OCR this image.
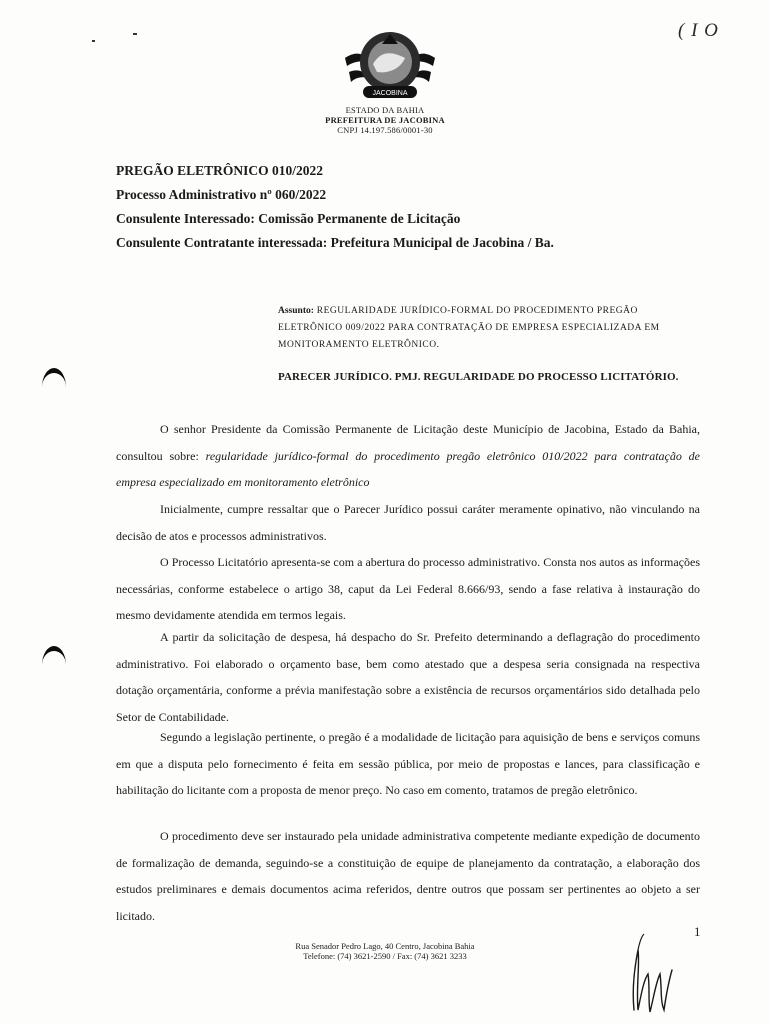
( I O
JACOBINA
ESTADO DA BAHIA
PREFEITURA DE JACOBINA
CNPJ 14.197.586/0001-30
PREGÃO ELETRÔNICO 010/2022
Processo Administrativo nº 060/2022
Consulente Interessado: Comissão Permanente de Licitação
Consulente Contratante interessada: Prefeitura Municipal de Jacobina / Ba.
Assunto: REGULARIDADE JURÍDICO-FORMAL DO PROCEDIMENTO PREGÃO ELETRÔNICO 009/2022 PARA CONTRATAÇÃO DE EMPRESA ESPECIALIZADA EM MONITORAMENTO ELETRÔNICO.
PARECER JURÍDICO. PMJ. REGULARIDADE DO PROCESSO LICITATÓRIO.
O senhor Presidente da Comissão Permanente de Licitação deste Município de Jacobina, Estado da Bahia, consultou sobre: regularidade jurídico-formal do procedimento pregão eletrônico 010/2022 para contratação de empresa especializado em monitoramento eletrônico
Inicialmente, cumpre ressaltar que o Parecer Jurídico possui caráter meramente opinativo, não vinculando na decisão de atos e processos administrativos.
O Processo Licitatório apresenta-se com a abertura do processo administrativo. Consta nos autos as informações necessárias, conforme estabelece o artigo 38, caput da Lei Federal 8.666/93, sendo a fase relativa à instauração do mesmo devidamente atendida em termos legais.
A partir da solicitação de despesa, há despacho do Sr. Prefeito determinando a deflagração do procedimento administrativo. Foi elaborado o orçamento base, bem como atestado que a despesa seria consignada na respectiva dotação orçamentária, conforme a prévia manifestação sobre a existência de recursos orçamentários sido detalhada pelo Setor de Contabilidade.
Segundo a legislação pertinente, o pregão é a modalidade de licitação para aquisição de bens e serviços comuns em que a disputa pelo fornecimento é feita em sessão pública, por meio de propostas e lances, para classificação e habilitação do licitante com a proposta de menor preço. No caso em comento, tratamos de pregão eletrônico.
O procedimento deve ser instaurado pela unidade administrativa competente mediante expedição de documento de formalização de demanda, seguindo-se a constituição de equipe de planejamento da contratação, a elaboração dos estudos preliminares e demais documentos acima referidos, dentre outros que possam ser pertinentes ao objeto a ser licitado.
Rua Senador Pedro Lago, 40 Centro, Jacobina Bahia
Telefone: (74) 3621-2590 / Fax: (74) 3621 3233
1
